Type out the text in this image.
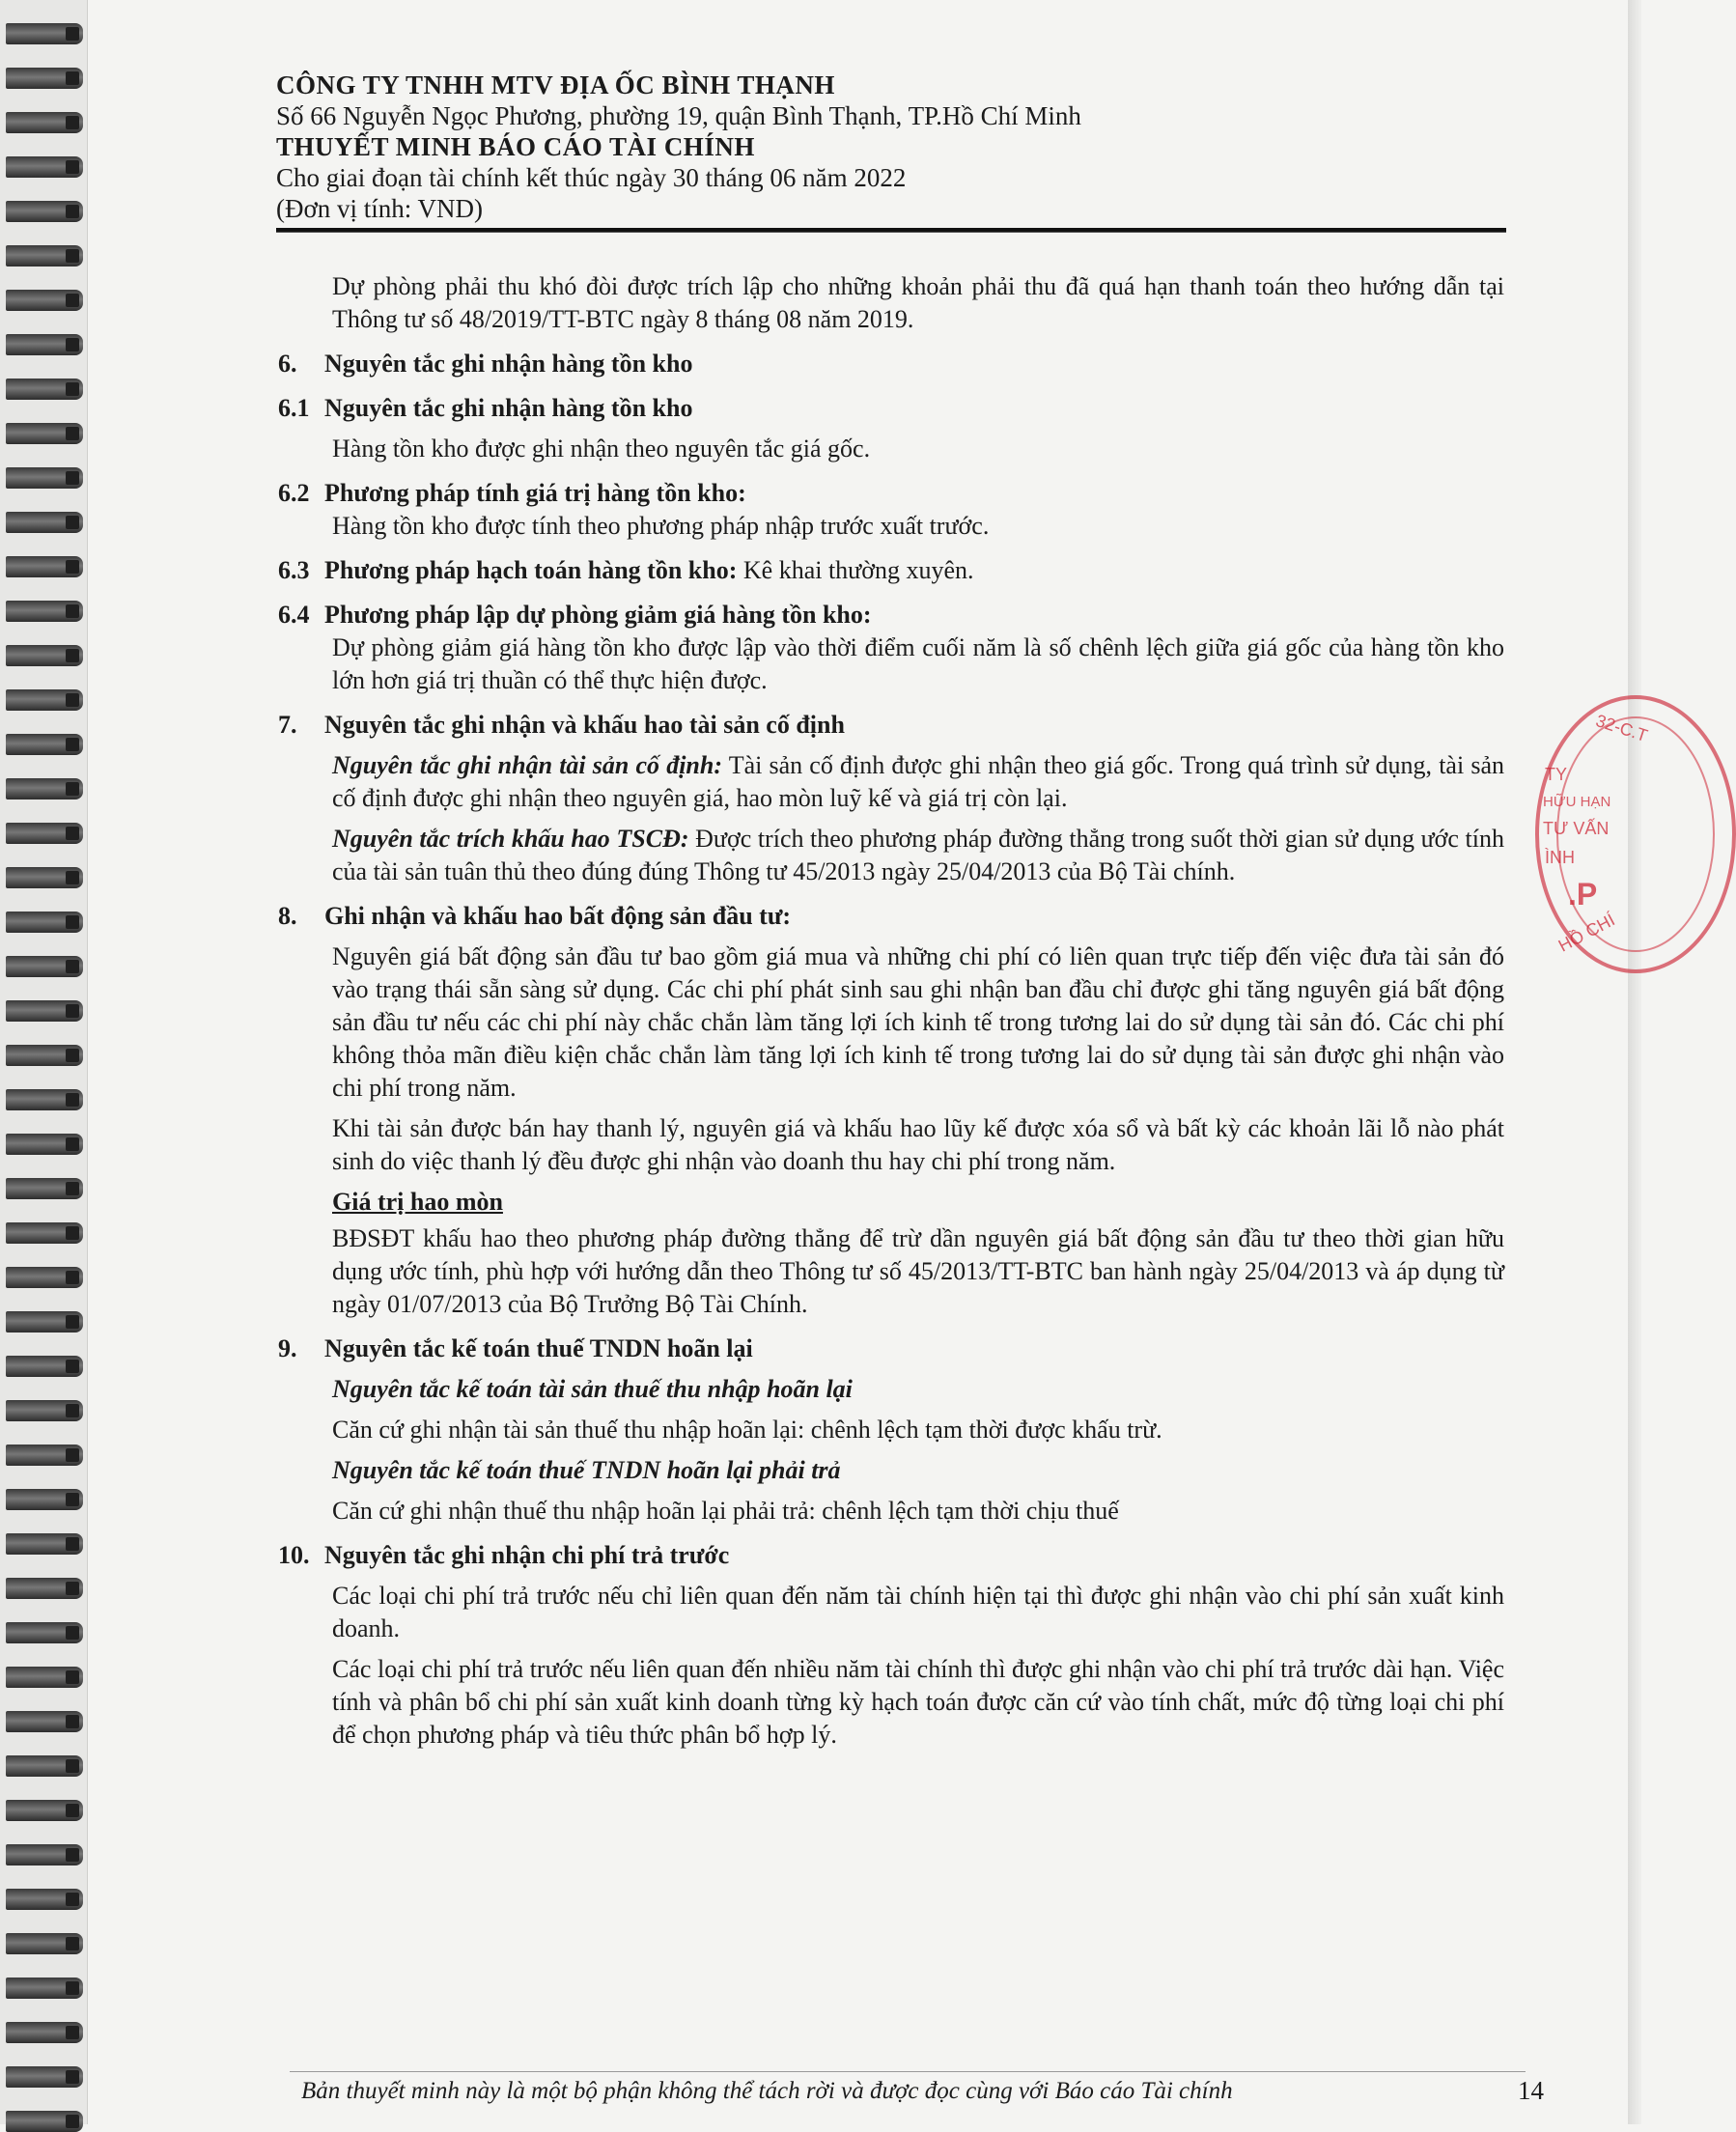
CÔNG TY TNHH MTV ĐỊA ỐC BÌNH THẠNH
Số 66 Nguyễn Ngọc Phương, phường 19, quận Bình Thạnh, TP.Hồ Chí Minh
THUYẾT MINH BÁO CÁO TÀI CHÍNH
Cho giai đoạn tài chính kết thúc ngày 30 tháng 06 năm 2022
(Đơn vị tính: VND)

Dự phòng phải thu khó đòi được trích lập cho những khoản phải thu đã quá hạn thanh toán theo hướng dẫn tại Thông tư số 48/2019/TT-BTC ngày 8 tháng 08 năm 2019.

6.	Nguyên tắc ghi nhận hàng tồn kho
6.1 Nguyên tắc ghi nhận hàng tồn kho

Hàng tồn kho được ghi nhận theo nguyên tắc giá gốc.

6.2 Phương pháp tính giá trị hàng tồn kho:

Hàng tồn kho được tính theo phương pháp nhập trước xuất trước.

6.3 Phương pháp hạch toán hàng tồn kho: Kê khai thường xuyên.
6.4 Phương pháp lập dự phòng giảm giá hàng tồn kho:

Dự phòng giảm giá hàng tồn kho được lập vào thời điểm cuối năm là số chênh lệch giữa giá gốc của hàng tồn kho lớn hơn giá trị thuần có thể thực hiện được.

7.	Nguyên tắc ghi nhận và khấu hao tài sản cố định

Nguyên tắc ghi nhận tài sản cố định: Tài sản cố định được ghi nhận theo giá gốc. Trong quá trình sử dụng, tài sản cố định được ghi nhận theo nguyên giá, hao mòn luỹ kế và giá trị còn lại.

Nguyên tắc trích khấu hao TSCĐ: Được trích theo phương pháp đường thẳng trong suốt thời gian sử dụng ước tính của tài sản tuân thủ theo đúng đúng Thông tư 45/2013 ngày 25/04/2013 của Bộ Tài chính.

8.	Ghi nhận và khấu hao bất động sản đầu tư:

Nguyên giá bất động sản đầu tư bao gồm giá mua và những chi phí có liên quan trực tiếp đến việc đưa tài sản đó vào trạng thái sẵn sàng sử dụng. Các chi phí phát sinh sau ghi nhận ban đầu chỉ được ghi tăng nguyên giá bất động sản đầu tư nếu các chi phí này chắc chắn làm tăng lợi ích kinh tế trong tương lai do sử dụng tài sản đó. Các chi phí không thỏa mãn điều kiện chắc chắn làm tăng lợi ích kinh tế trong tương lai do sử dụng tài sản được ghi nhận vào chi phí trong năm.

Khi tài sản được bán hay thanh lý, nguyên giá và khấu hao lũy kế được xóa sổ và bất kỳ các khoản lãi lỗ nào phát sinh do việc thanh lý đều được ghi nhận vào doanh thu hay chi phí trong năm.

Giá trị hao mòn

BĐSĐT khấu hao theo phương pháp đường thẳng để trừ dần nguyên giá bất động sản đầu tư theo thời gian hữu dụng ước tính, phù hợp với hướng dẫn theo Thông tư số 45/2013/TT-BTC ban hành ngày 25/04/2013 và áp dụng từ ngày 01/07/2013 của Bộ Trưởng Bộ Tài Chính.

9.	Nguyên tắc kế toán thuế TNDN hoãn lại

Nguyên tắc kế toán tài sản thuế thu nhập hoãn lại

Căn cứ ghi nhận tài sản thuế thu nhập hoãn lại: chênh lệch tạm thời được khấu trừ.

Nguyên tắc kế toán thuế TNDN hoãn lại phải trả

Căn cứ ghi nhận thuế thu nhập hoãn lại phải trả: chênh lệch tạm thời chịu thuế

10. Nguyên tắc ghi nhận chi phí trả trước

Các loại chi phí trả trước nếu chỉ liên quan đến năm tài chính hiện tại thì được ghi nhận vào chi phí sản xuất kinh doanh.

Các loại chi phí trả trước nếu liên quan đến nhiều năm tài chính thì được ghi nhận vào chi phí trả trước dài hạn. Việc tính và phân bổ chi phí sản xuất kinh doanh từng kỳ hạch toán được căn cứ vào tính chất, mức độ từng loại chi phí để chọn phương pháp và tiêu thức phân bổ hợp lý.

32-C.T
TY
HỮU HẠN
TƯ VẤN
ÌNH
.P
HỒ CHÍ
Bản thuyết minh này là một bộ phận không thể tách rời và được đọc cùng với Báo cáo Tài chính	14
